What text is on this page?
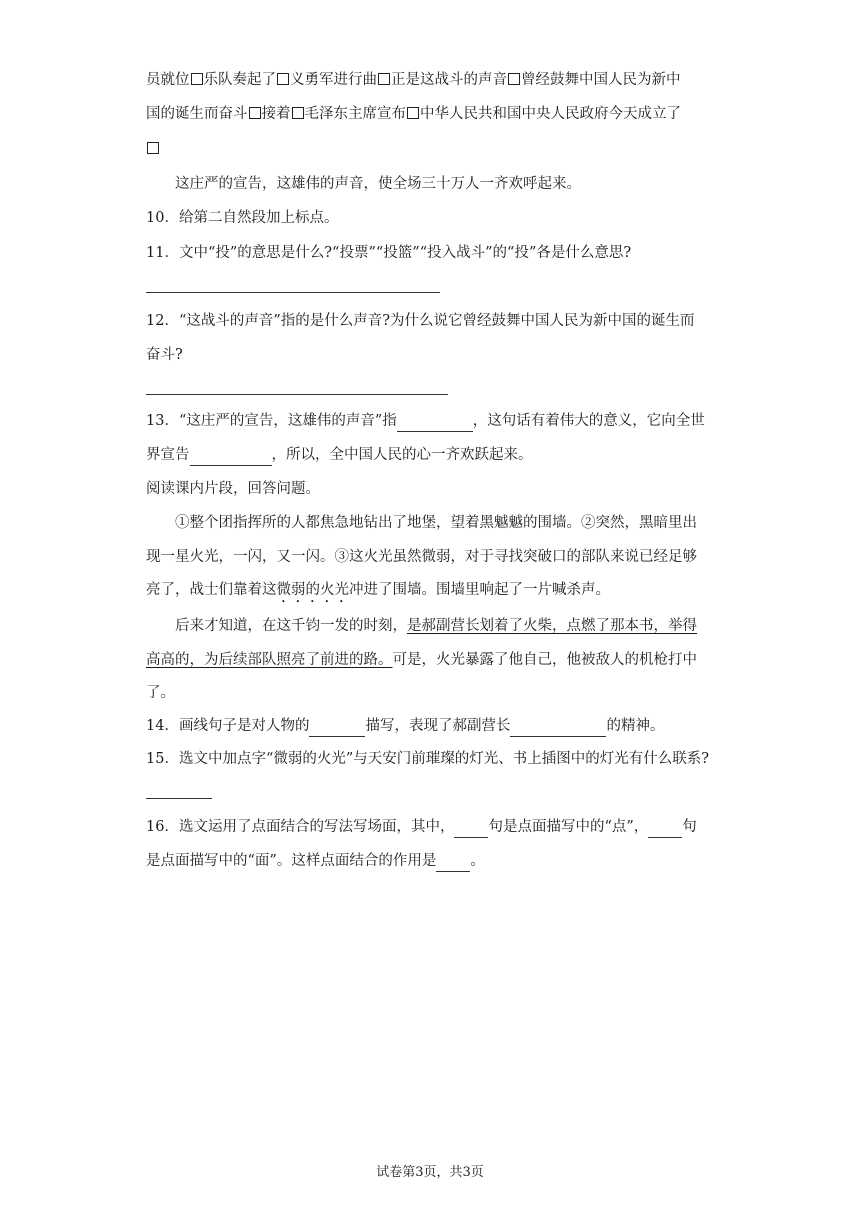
员就位 乐队奏起了 义勇军进行曲 正是这战斗的声音 曾经鼓舞中国人民为新中
国的诞生而奋斗 接着 毛泽东主席宣布 中华人民共和国中央人民政府今天成立了
这庄严的宣告，这雄伟的声音，使全场三十万人一齐欢呼起来。
10．给第二自然段加上标点。
11．文中“投”的意思是什么?“投票”“投篮”“投入战斗”的“投”各是什么意思?
12．“这战斗的声音”指的是什么声音?为什么说它曾经鼓舞中国人民为新中国的诞生而
奋斗?
13．“这庄严的宣告，这雄伟的声音”指	，这句话有着伟大的意义，它向全世
界宣告	，所以，全中国人民的心一齐欢跃起来。
阅读课内片段，回答问题。
①整个团指挥所的人都焦急地钻出了地堡，望着黑魆魆的围墙。②突然，黑暗里出
现一星火光，一闪，又一闪。③这火光虽然微弱，对于寻找突破口的部队来说已经足够
亮了，战士们靠着这微弱的火光冲进了围墙。围墙里响起了一片喊杀声。
后来才知道，在这千钧一发的时刻，是郝副营长划着了火柴，点燃了那本书，举得
高高的，为后续部队照亮了前进的路。可是，火光暴露了他自己，他被敌人的机枪打中
了。
14．画线句子是对人物的	描写，表现了郝副营长	的精神。
15．选文中加点字“微弱的火光”与天安门前璀璨的灯光、书上插图中的灯光有什么联系?
16．选文运用了点面结合的写法写场面，其中， 句是点面描写中的“点”， 句
是点面描写中的“面”。这样点面结合的作用是 。
试卷第3页，共3页
